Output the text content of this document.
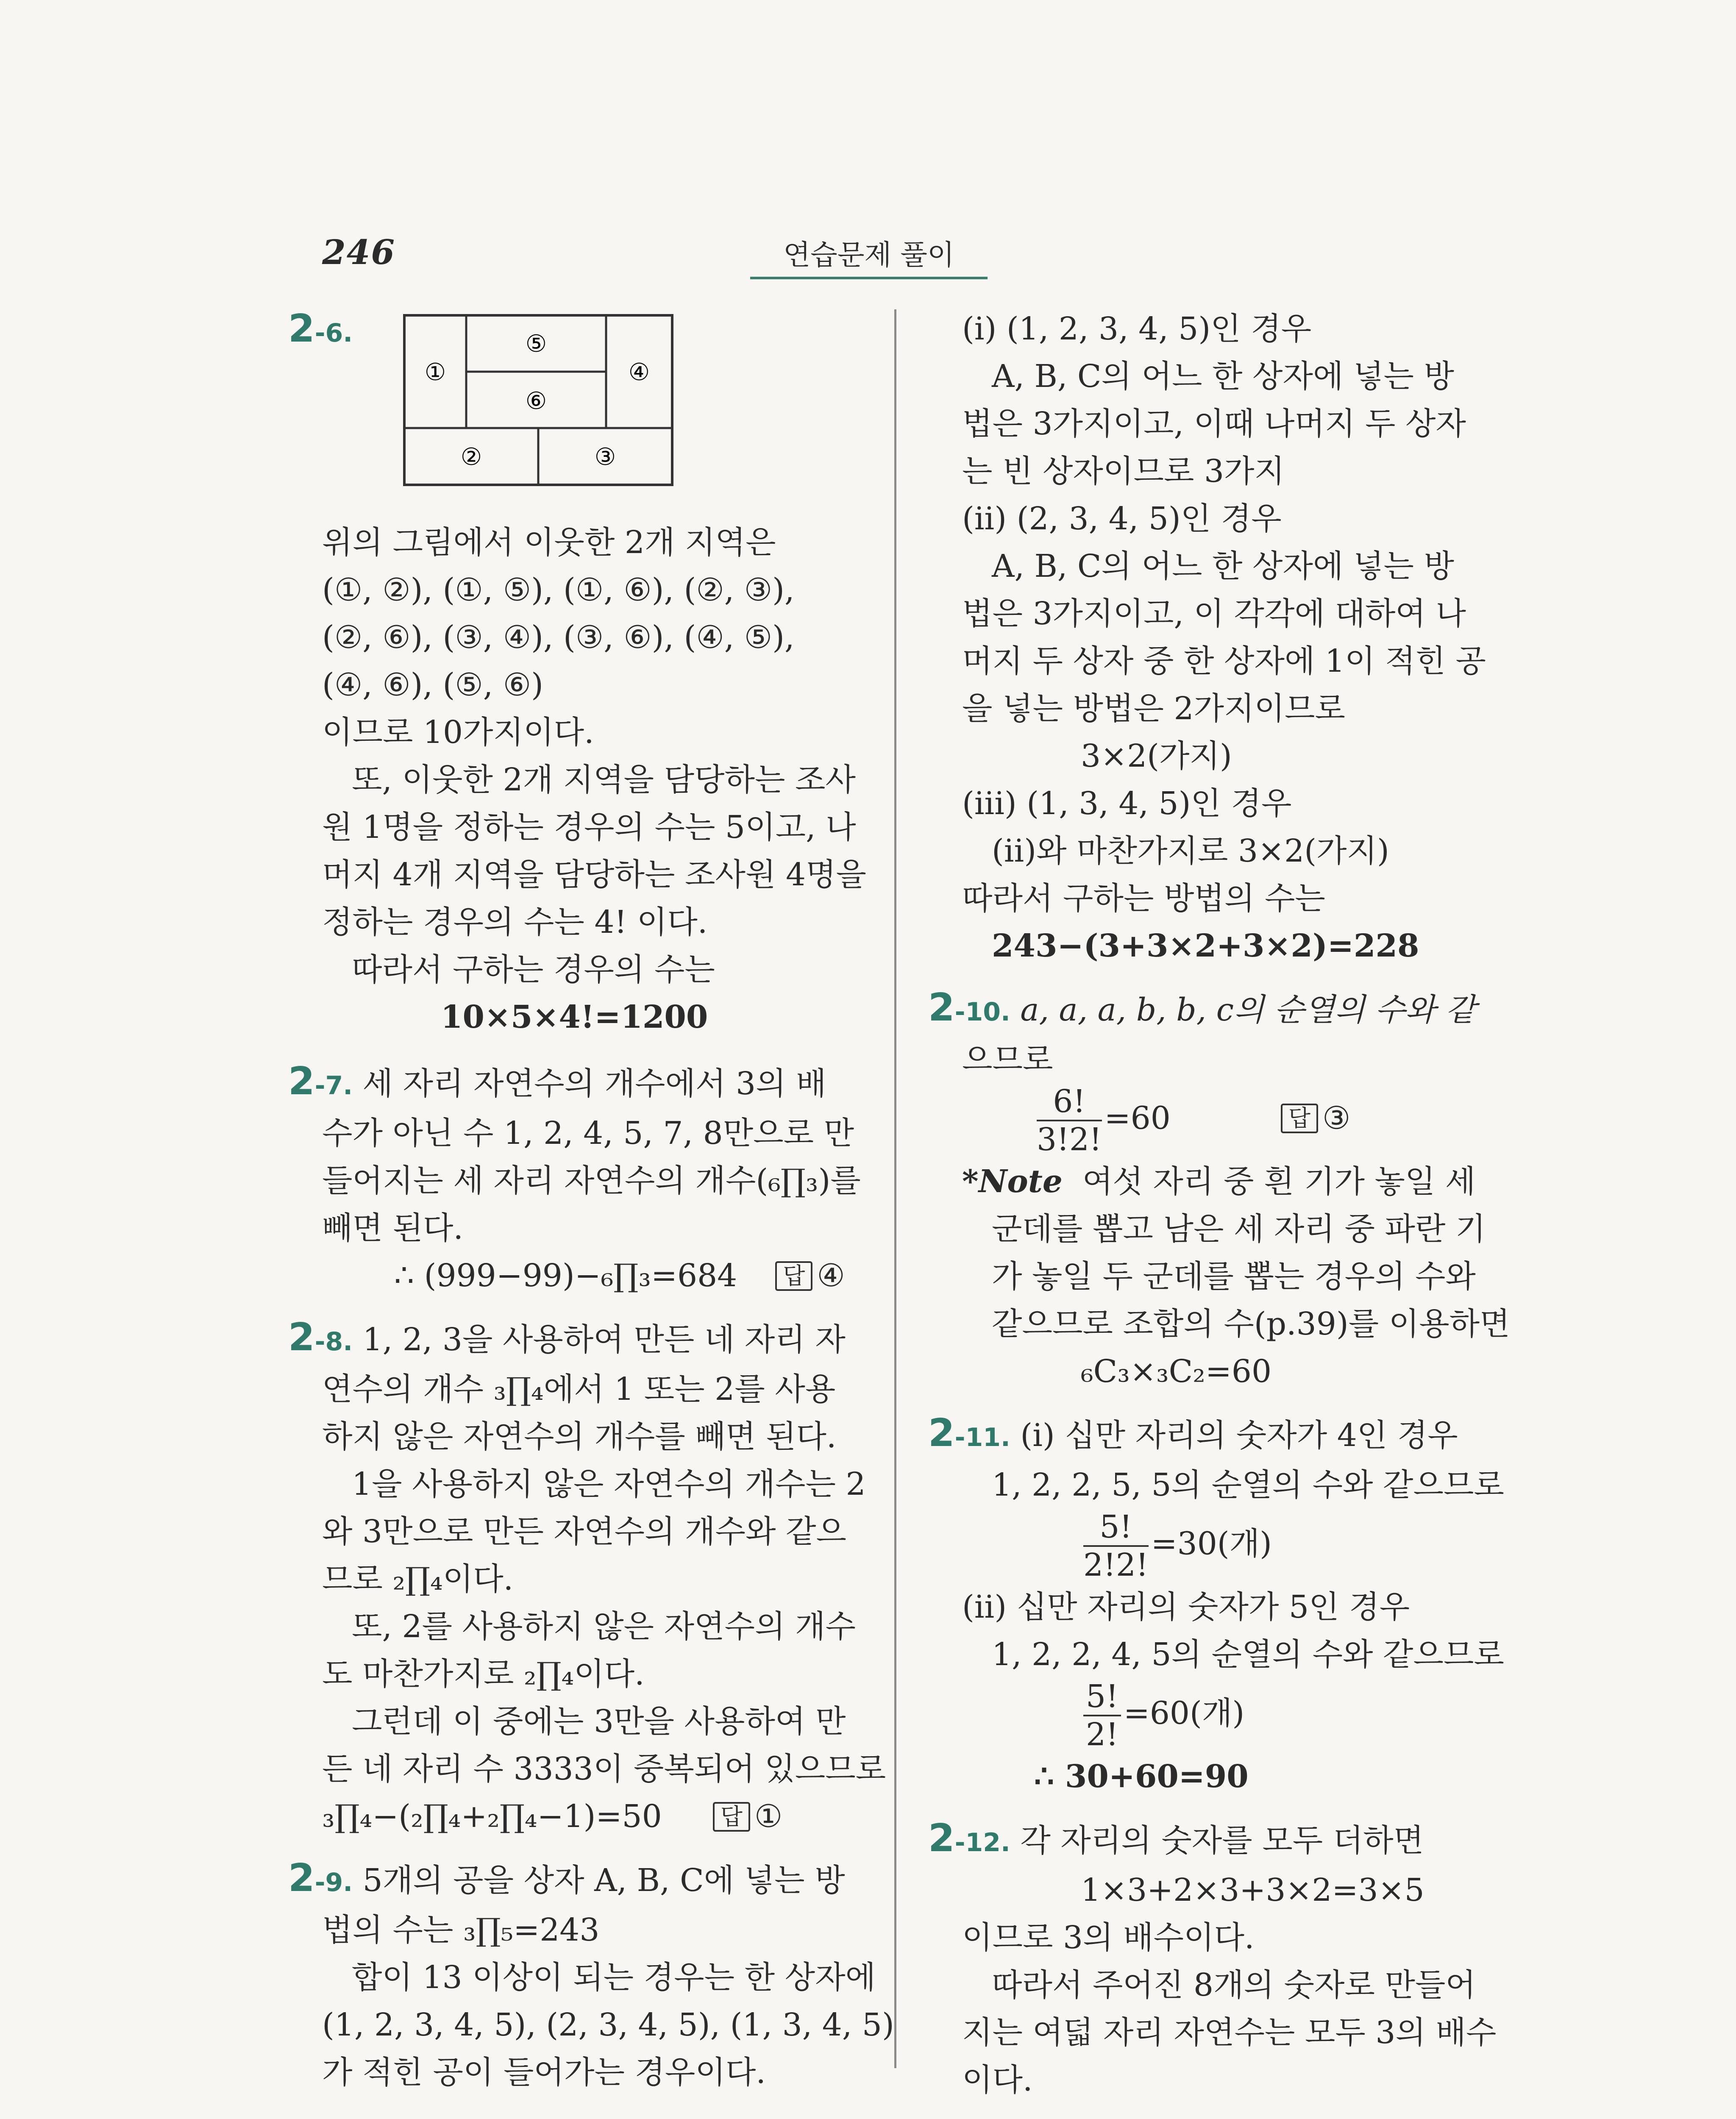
246	연습문제 풀이

2-6.

①
⑤
⑥
④
②	③

위의 그림에서 이웃한 2개 지역은

(①, ②), (①, ⑤), (①, ⑥), (②, ③),

(②, ⑥), (③, ④), (③, ⑥), (④, ⑤),

(④, ⑥), (⑤, ⑥)

이므로 10가지이다.

또, 이웃한 2개 지역을 담당하는 조사

원 1명을 정하는 경우의 수는 5이고, 나

머지 4개 지역을 담당하는 조사원 4명을

정하는 경우의 수는 4! 이다.

따라서 구하는 경우의 수는

10×5×4!=1200

2-7. 세 자리 자연수의 개수에서 3의 배

수가 아닌 수 1, 2, 4, 5, 7, 8만으로 만

들어지는 세 자리 자연수의 개수(₆∏₃)를

빼면 된다.

∴ (999−99)−₆∏₃=684 답 ④

2-8. 1, 2, 3을 사용하여 만든 네 자리 자

연수의 개수 ₃∏₄에서 1 또는 2를 사용

하지 않은 자연수의 개수를 빼면 된다.

1을 사용하지 않은 자연수의 개수는 2

와 3만으로 만든 자연수의 개수와 같으

므로 ₂∏₄이다.

또, 2를 사용하지 않은 자연수의 개수

도 마찬가지로 ₂∏₄이다.

그런데 이 중에는 3만을 사용하여 만

든 네 자리 수 3333이 중복되어 있으므로

₃∏₄−(₂∏₄+₂∏₄−1)=50	답 ①

2-9. 5개의 공을 상자 A, B, C에 넣는 방

법의 수는 ₃∏₅=243

합이 13 이상이 되는 경우는 한 상자에

(1, 2, 3, 4, 5), (2, 3, 4, 5), (1, 3, 4, 5)

가 적힌 공이 들어가는 경우이다.

(i) (1, 2, 3, 4, 5)인 경우

A, B, C의 어느 한 상자에 넣는 방

법은 3가지이고, 이때 나머지 두 상자

는 빈 상자이므로 3가지

(ii) (2, 3, 4, 5)인 경우

A, B, C의 어느 한 상자에 넣는 방

법은 3가지이고, 이 각각에 대하여 나

머지 두 상자 중 한 상자에 1이 적힌 공

을 넣는 방법은 2가지이므로

3×2(가지)

(iii) (1, 3, 4, 5)인 경우

(ii)와 마찬가지로 3×2(가지)

따라서 구하는 방법의 수는

243−(3+3×2+3×2)=228

2-10. a, a, a, b, b, c의 순열의 수와 같

으므로

$\frac{6!}{3!2!} =60$	답 ③

*Note 여섯 자리 중 흰 기가 놓일 세

군데를 뽑고 남은 세 자리 중 파란 기

가 놓일 두 군데를 뽑는 경우의 수와

같으므로 조합의 수(p.39)를 이용하면

₆C₃×₃C₂=60

2-11. (i) 십만 자리의 숫자가 4인 경우

1, 2, 2, 5, 5의 순열의 수와 같으므로

$\frac{5!}{2!2!} =30$(개)

(ii) 십만 자리의 숫자가 5인 경우

1, 2, 2, 4, 5의 순열의 수와 같으므로

$\frac{5!}{2!} =60$(개)

∴ 30+60=90

2-12. 각 자리의 숫자를 모두 더하면

1×3+2×3+3×2=3×5

이므로 3의 배수이다.

따라서 주어진 8개의 숫자로 만들어

지는 여덟 자리 자연수는 모두 3의 배수

이다.
